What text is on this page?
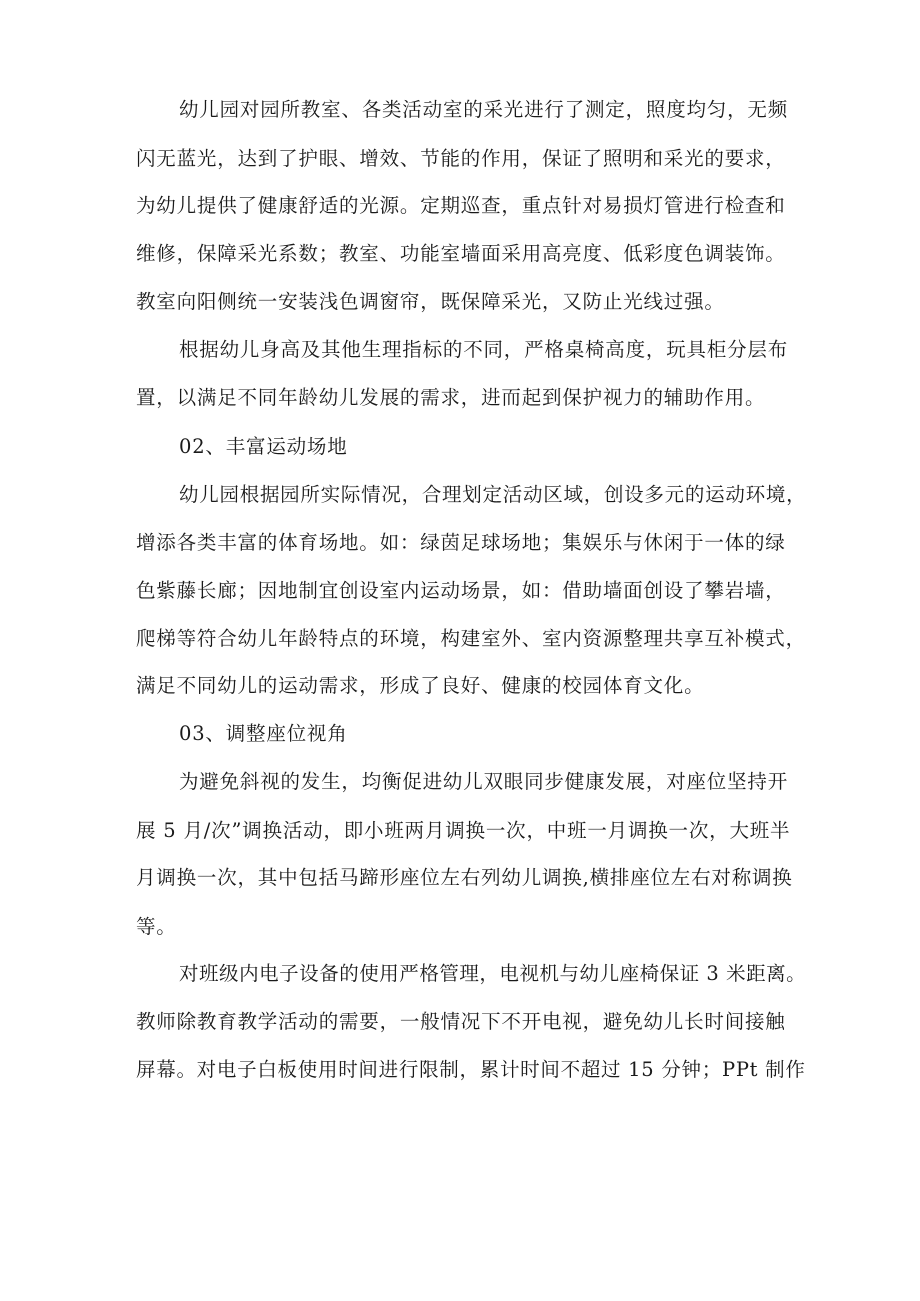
幼儿园对园所教室、各类活动室的采光进行了测定，照度均匀，无频
闪无蓝光，达到了护眼、增效、节能的作用，保证了照明和采光的要求，
为幼儿提供了健康舒适的光源。定期巡查，重点针对易损灯管进行检查和
维修，保障采光系数；教室、功能室墙面采用高亮度、低彩度色调装饰。
教室向阳侧统一安装浅色调窗帘，既保障采光，又防止光线过强。
根据幼儿身高及其他生理指标的不同，严格桌椅高度，玩具柜分层布
置，以满足不同年龄幼儿发展的需求，进而起到保护视力的辅助作用。
02、丰富运动场地
幼儿园根据园所实际情况，合理划定活动区域，创设多元的运动环境，
增添各类丰富的体育场地。如：绿茵足球场地；集娱乐与休闲于一体的绿
色紫藤长廊；因地制宜创设室内运动场景，如：借助墙面创设了攀岩墙，
爬梯等符合幼儿年龄特点的环境，构建室外、室内资源整理共享互补模式，
满足不同幼儿的运动需求，形成了良好、健康的校园体育文化。
03、调整座位视角
为避免斜视的发生，均衡促进幼儿双眼同步健康发展，对座位坚持开
展 5 月/次”调换活动，即小班两月调换一次，中班一月调换一次，大班半
月调换一次，其中包括马蹄形座位左右列幼儿调换,横排座位左右对称调换
等。
对班级内电子设备的使用严格管理，电视机与幼儿座椅保证 3 米距离。
教师除教育教学活动的需要，一般情况下不开电视，避免幼儿长时间接触
屏幕。对电子白板使用时间进行限制，累计时间不超过 15 分钟；PPt 制作
